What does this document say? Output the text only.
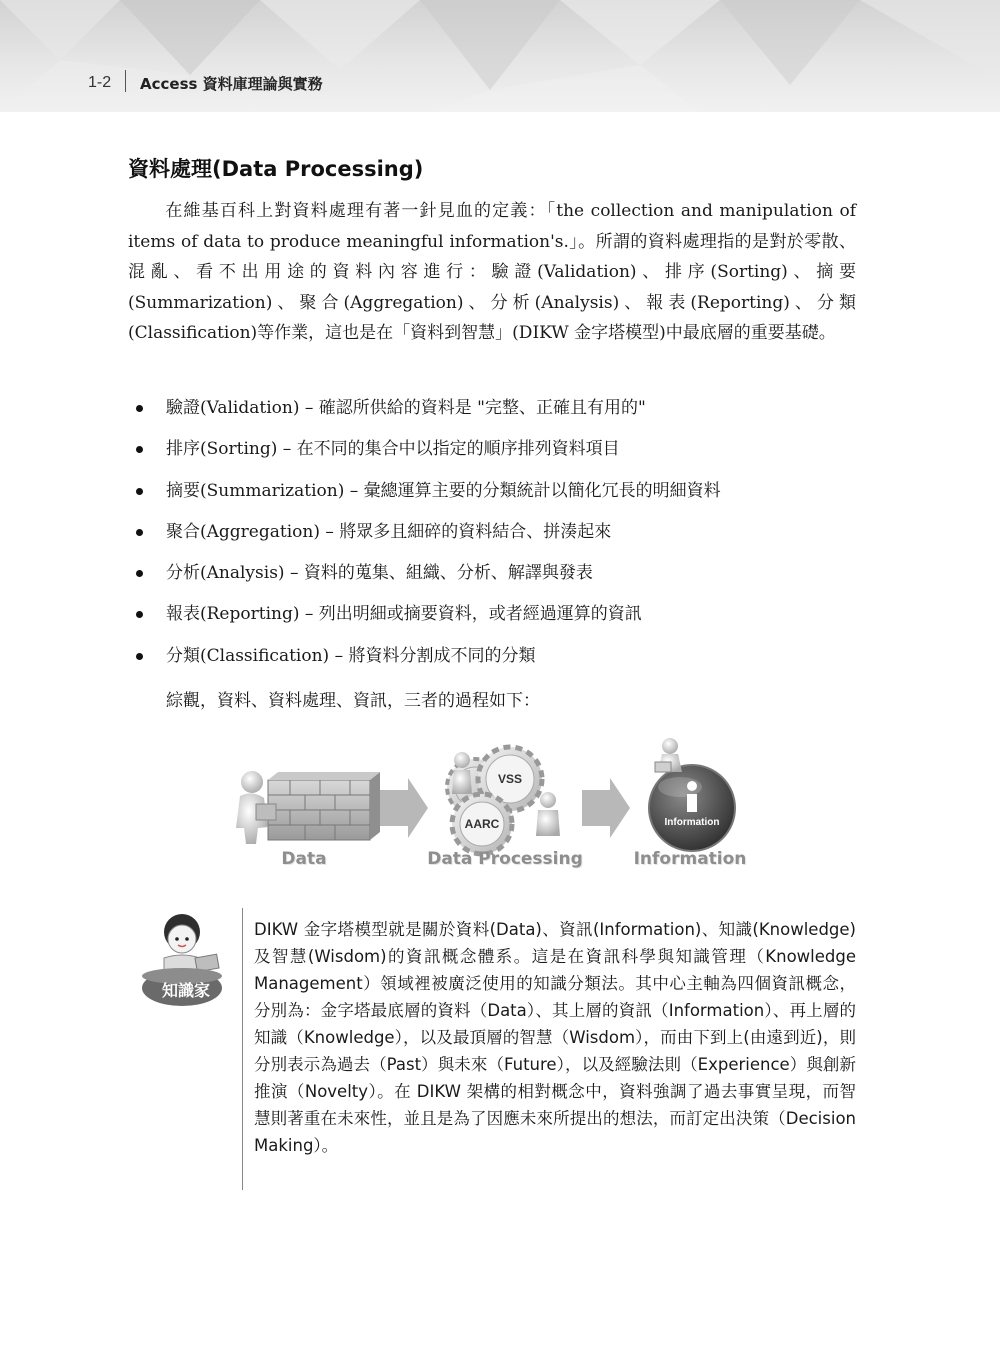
1-2 Access 資料庫理論與實務
資料處理(Data Processing)

在維基百科上對資料處理有著一針見血的定義：「the collection and manipulation of items of data to produce meaningful information's.」。所謂的資料處理指的是對於零散、混亂、看不出用途的資料內容進行：驗證(Validation)、排序(Sorting)、摘要(Summarization)、聚合(Aggregation)、分析(Analysis)、報表(Reporting)、分類(Classification)等作業，這也是在「資料到智慧」(DIKW 金字塔模型)中最底層的重要基礎。

驗證(Validation) – 確認所供給的資料是 "完整、正確且有用的"
排序(Sorting) – 在不同的集合中以指定的順序排列資料項目
摘要(Summarization) – 彙總運算主要的分類統計以簡化冗長的明細資料
聚合(Aggregation) – 將眾多且細碎的資料結合、拼湊起來
分析(Analysis) – 資料的蒐集、組織、分析、解譯與發表
報表(Reporting) – 列出明細或摘要資料，或者經過運算的資訊
分類(Classification) – 將資料分割成不同的分類

綜觀，資料、資料處理、資訊，三者的過程如下：

VSS
AARC	Information
Data	Data Processing	Information
知識家

DIKW 金字塔模型就是關於資料(Data)、資訊(Information)、知識(Knowledge)及智慧(Wisdom)的資訊概念體系。這是在資訊科學與知識管理（Knowledge Management）領域裡被廣泛使用的知識分類法。其中心主軸為四個資訊概念，分別為：金字塔最底層的資料（Data）、其上層的資訊（Information）、再上層的知識（Knowledge），以及最頂層的智慧（Wisdom），而由下到上(由遠到近)，則分別表示為過去（Past）與未來（Future），以及經驗法則（Experience）與創新推演（Novelty）。在 DIKW 架構的相對概念中，資料強調了過去事實呈現，而智慧則著重在未來性，並且是為了因應未來所提出的想法，而訂定出決策（Decision Making）。
